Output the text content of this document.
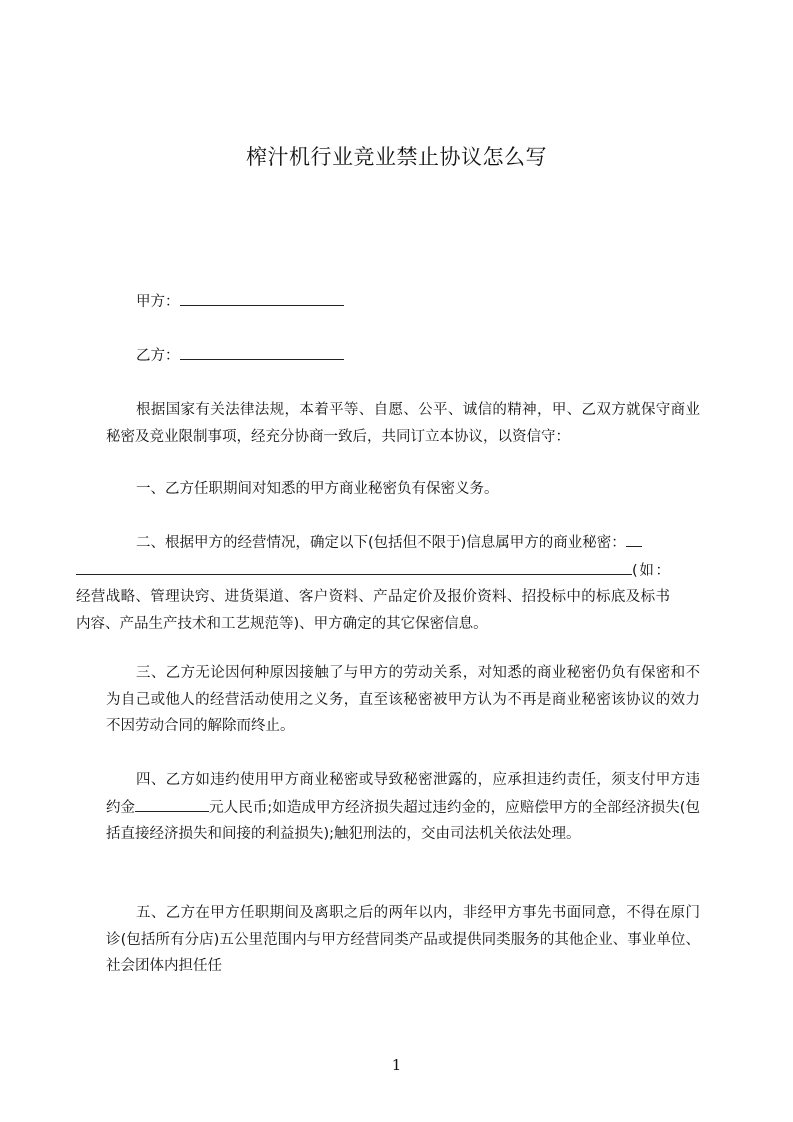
榨汁机行业竞业禁止协议怎么写
甲方：
乙方：

根据国家有关法律法规，本着平等、自愿、公平、诚信的精神，甲、乙双方就保守商业秘密及竞业限制事项，经充分协商一致后，共同订立本协议，以资信守：

一、乙方任职期间对知悉的甲方商业秘密负有保密义务。

二、根据甲方的经营情况，确定以下(包括但不限于)信息属甲方的商业秘密：
(如：经营战略、管理诀窍、进货渠道、客户资料、产品定价及报价资料、招投标中的标底及标书内容、产品生产技术和工艺规范等)、甲方确定的其它保密信息。

三、乙方无论因何种原因接触了与甲方的劳动关系，对知悉的商业秘密仍负有保密和不为自己或他人的经营活动使用之义务，直至该秘密被甲方认为不再是商业秘密该协议的效力不因劳动合同的解除而终止。

四、乙方如违约使用甲方商业秘密或导致秘密泄露的，应承担违约责任，须支付甲方违约金	元人民币;如造成甲方经济损失超过违约金的，应赔偿甲方的全部经济损失(包括直接经济损失和间接的利益损失);触犯刑法的，交由司法机关依法处理。

五、乙方在甲方任职期间及离职之后的两年以内，非经甲方事先书面同意，不得在原门诊(包括所有分店)五公里范围内与甲方经营同类产品或提供同类服务的其他企业、事业单位、社会团体内担任任

1
